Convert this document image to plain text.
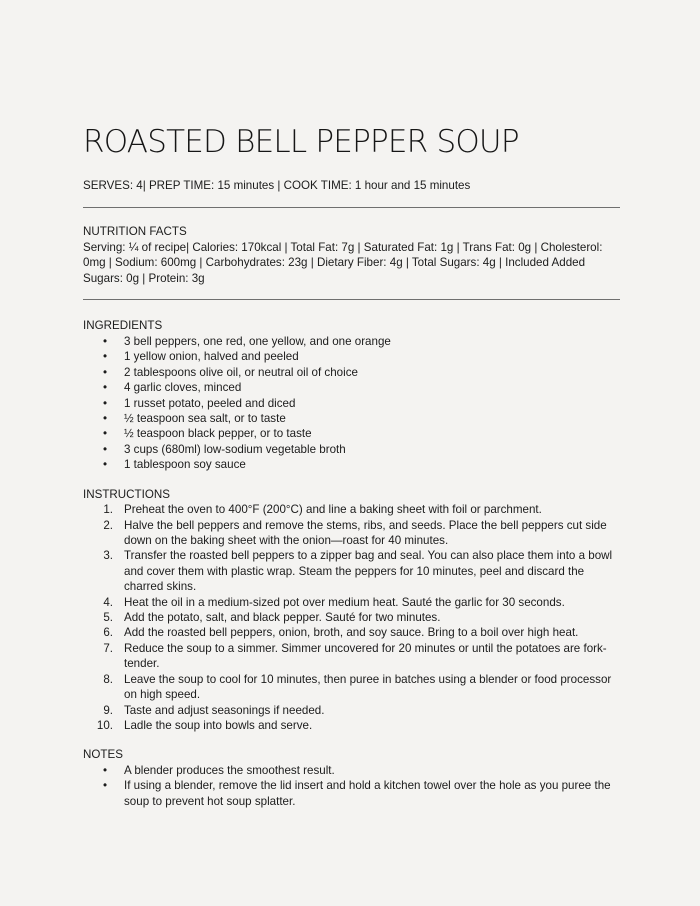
ROASTED BELL PEPPER SOUP
SERVES: 4| PREP TIME: 15 minutes | COOK TIME: 1 hour and 15 minutes
NUTRITION FACTS
Serving: ¼ of recipe| Calories: 170kcal | Total Fat: 7g | Saturated Fat: 1g | Trans Fat: 0g | Cholesterol: 0mg | Sodium: 600mg | Carbohydrates: 23g | Dietary Fiber: 4g | Total Sugars: 4g | Included Added Sugars: 0g | Protein: 3g
INGREDIENTS
•	3 bell peppers, one red, one yellow, and one orange
•	1 yellow onion, halved and peeled
•	2 tablespoons olive oil, or neutral oil of choice
•	4 garlic cloves, minced
•	1 russet potato, peeled and diced
•	½ teaspoon sea salt, or to taste
•	½ teaspoon black pepper, or to taste
•	3 cups (680ml) low-sodium vegetable broth
•	1 tablespoon soy sauce
INSTRUCTIONS
1. Preheat the oven to 400°F (200°C) and line a baking sheet with foil or parchment.
2. Halve the bell peppers and remove the stems, ribs, and seeds. Place the bell peppers cut side down on the baking sheet with the onion—roast for 40 minutes.
3. Transfer the roasted bell peppers to a zipper bag and seal. You can also place them into a bowl and cover them with plastic wrap. Steam the peppers for 10 minutes, peel and discard the charred skins.
4. Heat the oil in a medium-sized pot over medium heat. Sauté the garlic for 30 seconds.
5. Add the potato, salt, and black pepper. Sauté for two minutes.
6. Add the roasted bell peppers, onion, broth, and soy sauce. Bring to a boil over high heat.
7. Reduce the soup to a simmer. Simmer uncovered for 20 minutes or until the potatoes are fork-tender.
8. Leave the soup to cool for 10 minutes, then puree in batches using a blender or food processor on high speed.
9. Taste and adjust seasonings if needed.
10. Ladle the soup into bowls and serve.
NOTES
•	A blender produces the smoothest result.
•	If using a blender, remove the lid insert and hold a kitchen towel over the hole as you puree the soup to prevent hot soup splatter.
